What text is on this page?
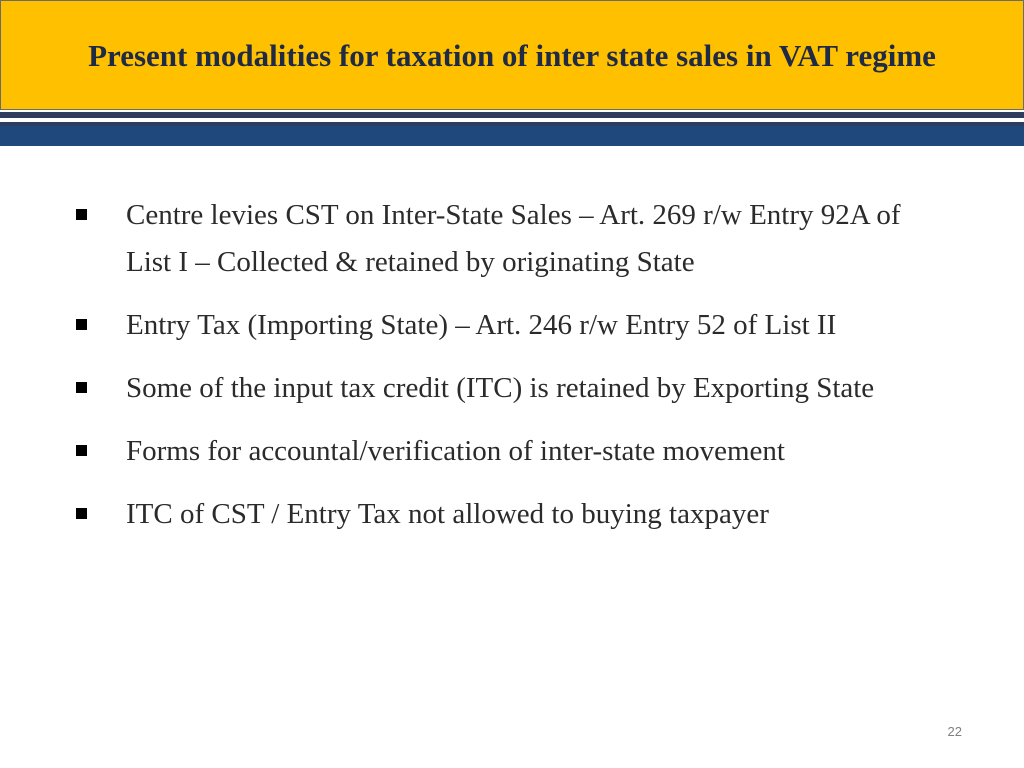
Present modalities for taxation of inter state sales in VAT regime
Centre levies CST on Inter-State Sales – Art. 269 r/w Entry 92A of List I – Collected & retained by originating State
Entry Tax (Importing State) – Art. 246 r/w Entry 52 of List II
Some of the input tax credit (ITC) is retained by Exporting State
Forms for accountal/verification of inter-state movement
ITC of CST / Entry Tax not allowed to buying taxpayer
22
